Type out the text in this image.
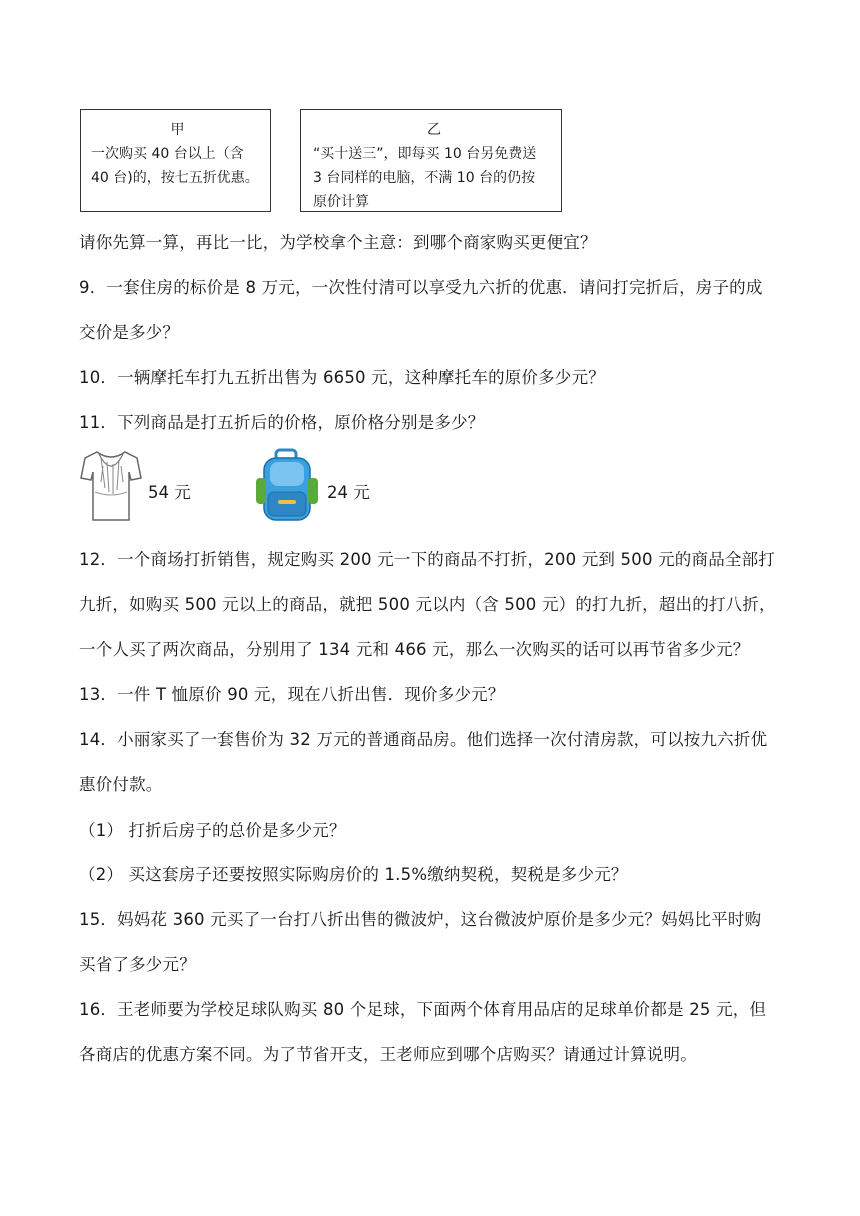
甲
一次购买 40 台以上（含
40 台)的，按七五折优惠。
乙
“买十送三”，即每买 10 台另免费送
3 台同样的电脑，不满 10 台的仍按
原价计算
请你先算一算，再比一比，为学校拿个主意：到哪个商家购买更便宜？
9．一套住房的标价是 8 万元，一次性付清可以享受九六折的优惠．请问打完折后，房子的成
交价是多少？
10．一辆摩托车打九五折出售为 6650 元，这种摩托车的原价多少元？
11．下列商品是打五折后的价格，原价格分别是多少？
54 元	24 元
12．一个商场打折销售，规定购买 200 元一下的商品不打折，200 元到 500 元的商品全部打
九折，如购买 500 元以上的商品，就把 500 元以内（含 500 元）的打九折，超出的打八折，
一个人买了两次商品，分别用了 134 元和 466 元，那么一次购买的话可以再节省多少元？
13．一件 T 恤原价 90 元，现在八折出售．现价多少元？
14．小丽家买了一套售价为 32 万元的普通商品房。他们选择一次付清房款，可以按九六折优
惠价付款。
（1） 打折后房子的总价是多少元？
（2） 买这套房子还要按照实际购房价的 1.5%缴纳契税，契税是多少元？
15．妈妈花 360 元买了一台打八折出售的微波炉，这台微波炉原价是多少元？妈妈比平时购
买省了多少元？
16．王老师要为学校足球队购买 80 个足球，下面两个体育用品店的足球单价都是 25 元，但
各商店的优惠方案不同。为了节省开支，王老师应到哪个店购买？请通过计算说明。
